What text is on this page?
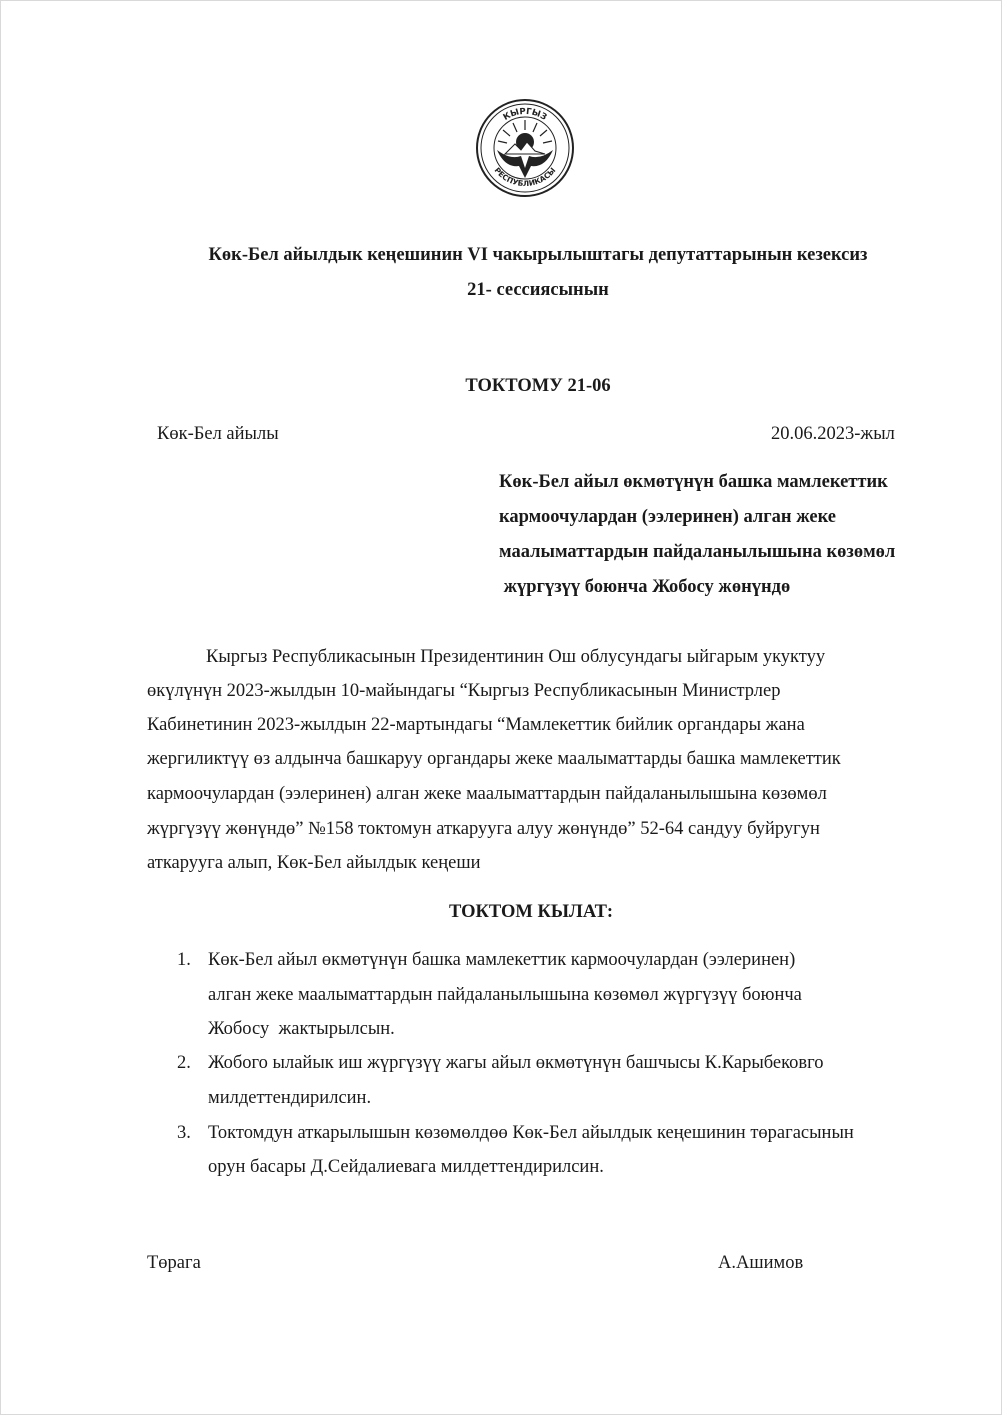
КЫРГЫЗ
РЕСПУБЛИКАСЫ
Көк-Бел айылдык кеңешинин VI чакырылыштагы депутаттарынын кезексиз
21- сессиясынын
ТОКТОМУ 21-06
Көк-Бел айылы	20.06.2023-жыл
Көк-Бел айыл өкмөтүнүн башка мамлекеттик
кармоочулардан (ээлеринен) алган жеке
маалыматтардын пайдаланылышына көзөмөл
жүргүзүү боюнча Жобосу жөнүндө
Кыргыз Республикасынын Президентинин Ош облусундагы ыйгарым укуктуу
өкүлүнүн 2023-жылдын 10-майындагы “Кыргыз Республикасынын Министрлер
Кабинетинин 2023-жылдын 22-мартындагы “Мамлекеттик бийлик органдары жана
жергиликтүү өз алдынча башкаруу органдары жеке маалыматтарды башка мамлекеттик
кармоочулардан (ээлеринен) алган жеке маалыматтардын пайдаланылышына көзөмөл
жүргүзүү жөнүндө” №158 токтомун аткарууга алуу жөнүндө” 52-64 сандуу буйругун
аткарууга алып, Көк-Бел айылдык кеңеши
ТОКТОМ КЫЛАТ:
1. Көк-Бел айыл өкмөтүнүн башка мамлекеттик кармоочулардан (ээлеринен)
алган жеке маалыматтардын пайдаланылышына көзөмөл жүргүзүү боюнча
Жобосу  жактырылсын.
2. Жобого ылайык иш жүргүзүү жагы айыл өкмөтүнүн башчысы К.Карыбековго
милдеттендирилсин.
3. Токтомдун аткарылышын көзөмөлдөө Көк-Бел айылдык кеңешинин төрагасынын
орун басары Д.Сейдалиевага милдеттендирилсин.
Төрага	А.Ашимов
